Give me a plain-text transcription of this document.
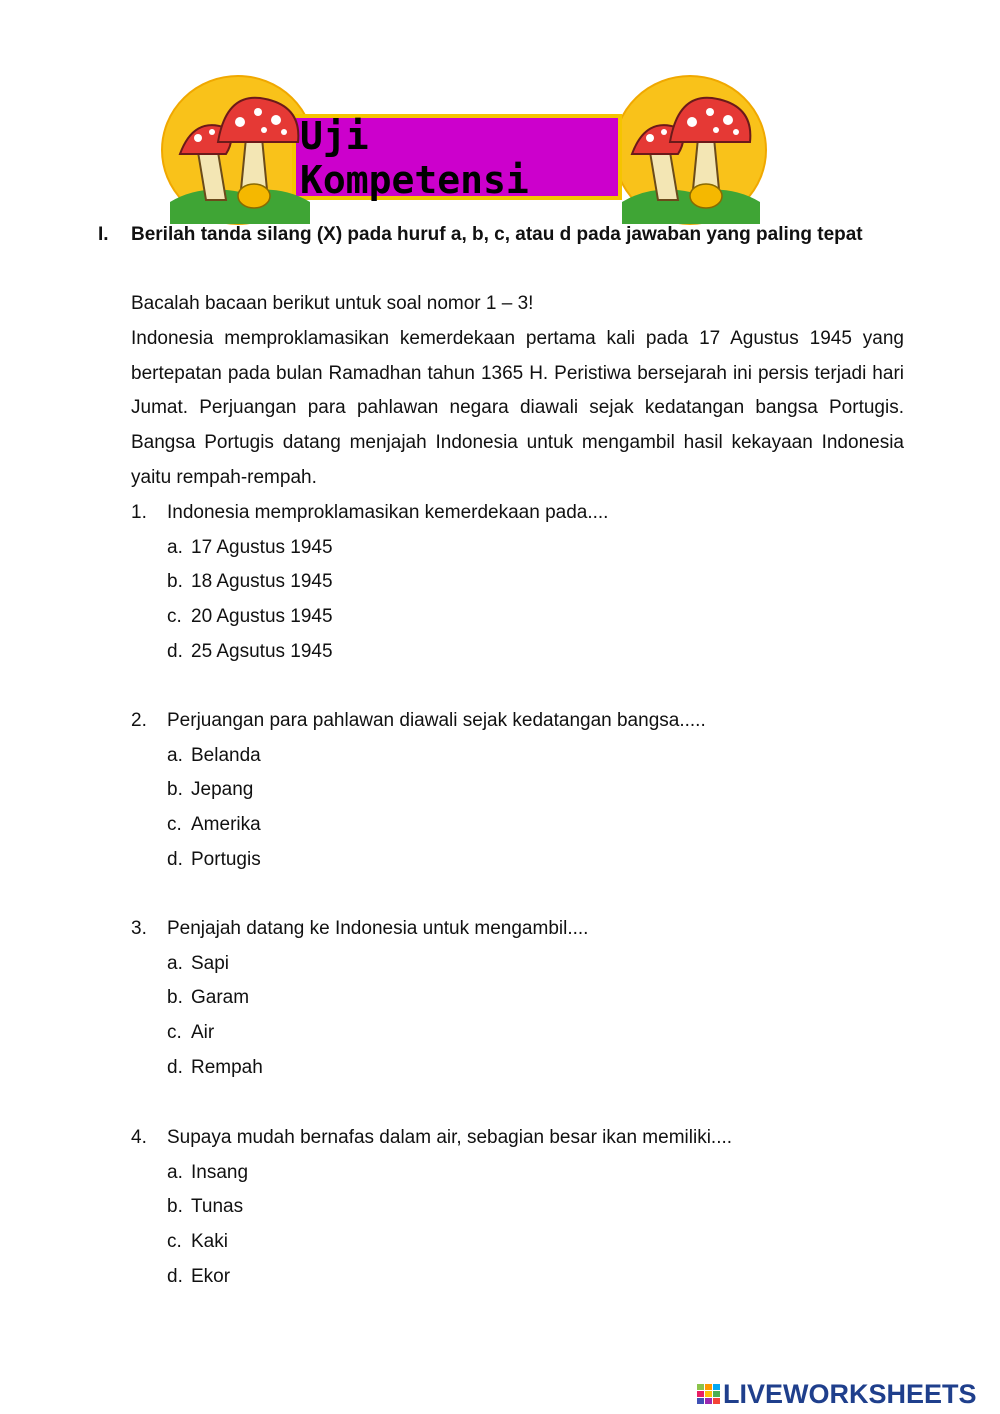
Uji Kompetensi
I. Berilah tanda silang (X) pada huruf a, b, c, atau d pada jawaban yang paling tepat
Bacalah bacaan berikut untuk soal nomor 1 – 3!
Indonesia memproklamasikan kemerdekaan pertama kali pada 17 Agustus 1945 yang bertepatan pada bulan Ramadhan tahun 1365 H. Peristiwa bersejarah ini persis terjadi hari Jumat. Perjuangan para pahlawan negara diawali sejak kedatangan bangsa Portugis. Bangsa Portugis datang menjajah Indonesia untuk mengambil hasil kekayaan Indonesia yaitu rempah-rempah.
1. Indonesia memproklamasikan kemerdekaan pada....
a. 17 Agustus 1945
b. 18 Agustus 1945
c. 20 Agustus 1945
d. 25 Agsutus 1945
2. Perjuangan para pahlawan diawali sejak kedatangan bangsa.....
a. Belanda
b. Jepang
c. Amerika
d. Portugis
3. Penjajah datang ke Indonesia untuk mengambil....
a. Sapi
b. Garam
c. Air
d. Rempah
4. Supaya mudah bernafas dalam air, sebagian besar ikan memiliki....
a. Insang
b. Tunas
c. Kaki
d. Ekor
LIVEWORKSHEETS
